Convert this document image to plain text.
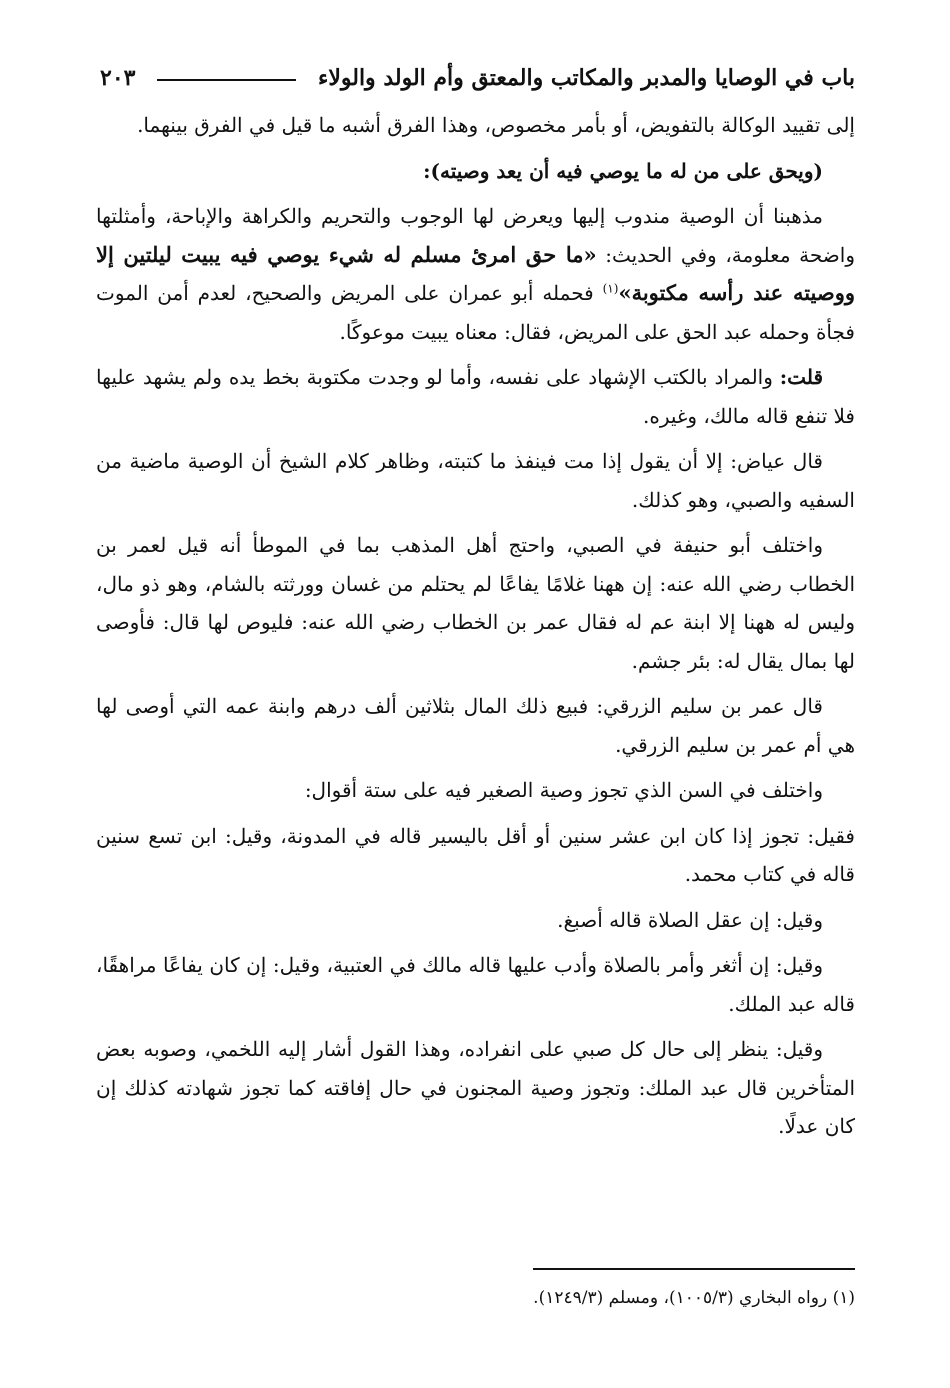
باب في الوصايا والمدبر والمكاتب والمعتق وأم الولد والولاء
٢٠٣

إلى تقييد الوكالة بالتفويض، أو بأمر مخصوص، وهذا الفرق أشبه ما قيل في الفرق بينهما.

(ويحق على من له ما يوصي فيه أن يعد وصيته):

مذهبنا أن الوصية مندوب إليها ويعرض لها الوجوب والتحريم والكراهة والإباحة، وأمثلتها واضحة معلومة، وفي الحديث: «ما حق امرئ مسلم له شيء يوصي فيه يبيت ليلتين إلا ووصيته عند رأسه مكتوبة»$^{(١)}$ فحمله أبو عمران على المريض والصحيح، لعدم أمن الموت فجأة وحمله عبد الحق على المريض، فقال: معناه يبيت موعوكًا.

قلت: والمراد بالكتب الإشهاد على نفسه، وأما لو وجدت مكتوبة بخط يده ولم يشهد عليها فلا تنفع قاله مالك، وغيره.

قال عياض: إلا أن يقول إذا مت فينفذ ما كتبته، وظاهر كلام الشيخ أن الوصية ماضية من السفيه والصبي، وهو كذلك.

واختلف أبو حنيفة في الصبي، واحتج أهل المذهب بما في الموطأ أنه قيل لعمر بن الخطاب رضي الله عنه: إن ههنا غلامًا يفاعًا لم يحتلم من غسان وورثته بالشام، وهو ذو مال، وليس له ههنا إلا ابنة عم له فقال عمر بن الخطاب رضي الله عنه: فليوص لها قال: فأوصى لها بمال يقال له: بئر جشم.

قال عمر بن سليم الزرقي: فبيع ذلك المال بثلاثين ألف درهم وابنة عمه التي أوصى لها هي أم عمر بن سليم الزرقي.

واختلف في السن الذي تجوز وصية الصغير فيه على ستة أقوال:

فقيل: تجوز إذا كان ابن عشر سنين أو أقل باليسير قاله في المدونة، وقيل: ابن تسع سنين قاله في كتاب محمد.

وقيل: إن عقل الصلاة قاله أصبغ.

وقيل: إن أثغر وأمر بالصلاة وأدب عليها قاله مالك في العتبية، وقيل: إن كان يفاعًا مراهقًا، قاله عبد الملك.

وقيل: ينظر إلى حال كل صبي على انفراده، وهذا القول أشار إليه اللخمي، وصوبه بعض المتأخرين قال عبد الملك: وتجوز وصية المجنون في حال إفاقته كما تجوز شهادته كذلك إن كان عدلًا.

(١) رواه البخاري (١٠٠٥/٣)، ومسلم (١٢٤٩/٣).
